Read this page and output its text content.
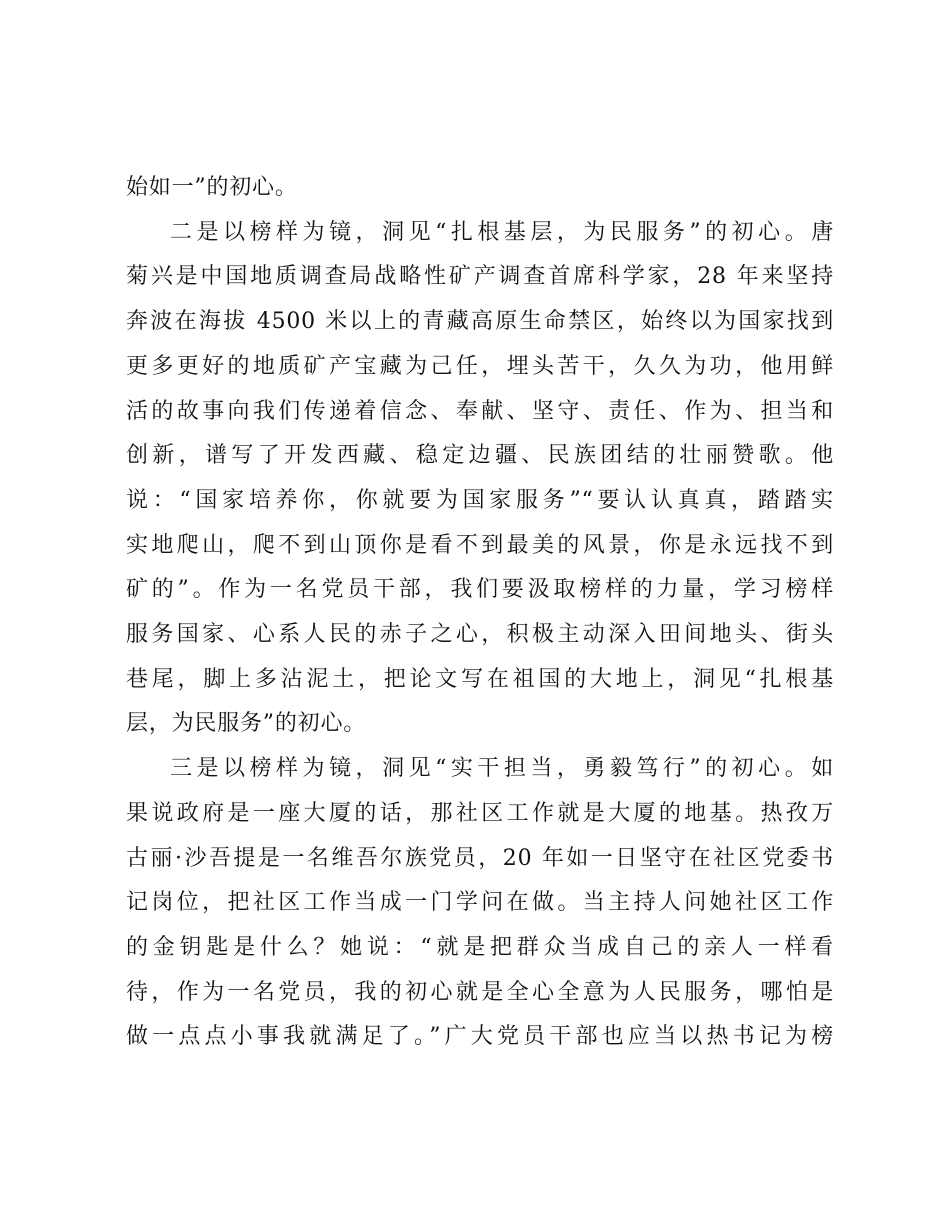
始如一”的初心。
二是以榜样为镜，洞见“扎根基层，为民服务”的初心。唐
菊兴是中国地质调查局战略性矿产调查首席科学家，28 年来坚持
奔波在海拔 4500 米以上的青藏高原生命禁区，始终以为国家找到
更多更好的地质矿产宝藏为己任，埋头苦干，久久为功，他用鲜
活的故事向我们传递着信念、奉献、坚守、责任、作为、担当和
创新，谱写了开发西藏、稳定边疆、民族团结的壮丽赞歌。他
说：“国家培养你，你就要为国家服务”“要认认真真，踏踏实
实地爬山，爬不到山顶你是看不到最美的风景，你是永远找不到
矿的”。作为一名党员干部，我们要汲取榜样的力量，学习榜样
服务国家、心系人民的赤子之心，积极主动深入田间地头、街头
巷尾，脚上多沾泥土，把论文写在祖国的大地上，洞见“扎根基
层，为民服务”的初心。
三是以榜样为镜，洞见“实干担当，勇毅笃行”的初心。如
果说政府是一座大厦的话，那社区工作就是大厦的地基。热孜万
古丽·沙吾提是一名维吾尔族党员，20 年如一日坚守在社区党委书
记岗位，把社区工作当成一门学问在做。当主持人问她社区工作
的金钥匙是什么？她说：“就是把群众当成自己的亲人一样看
待，作为一名党员，我的初心就是全心全意为人民服务，哪怕是
做一点点小事我就满足了。”广大党员干部也应当以热书记为榜
